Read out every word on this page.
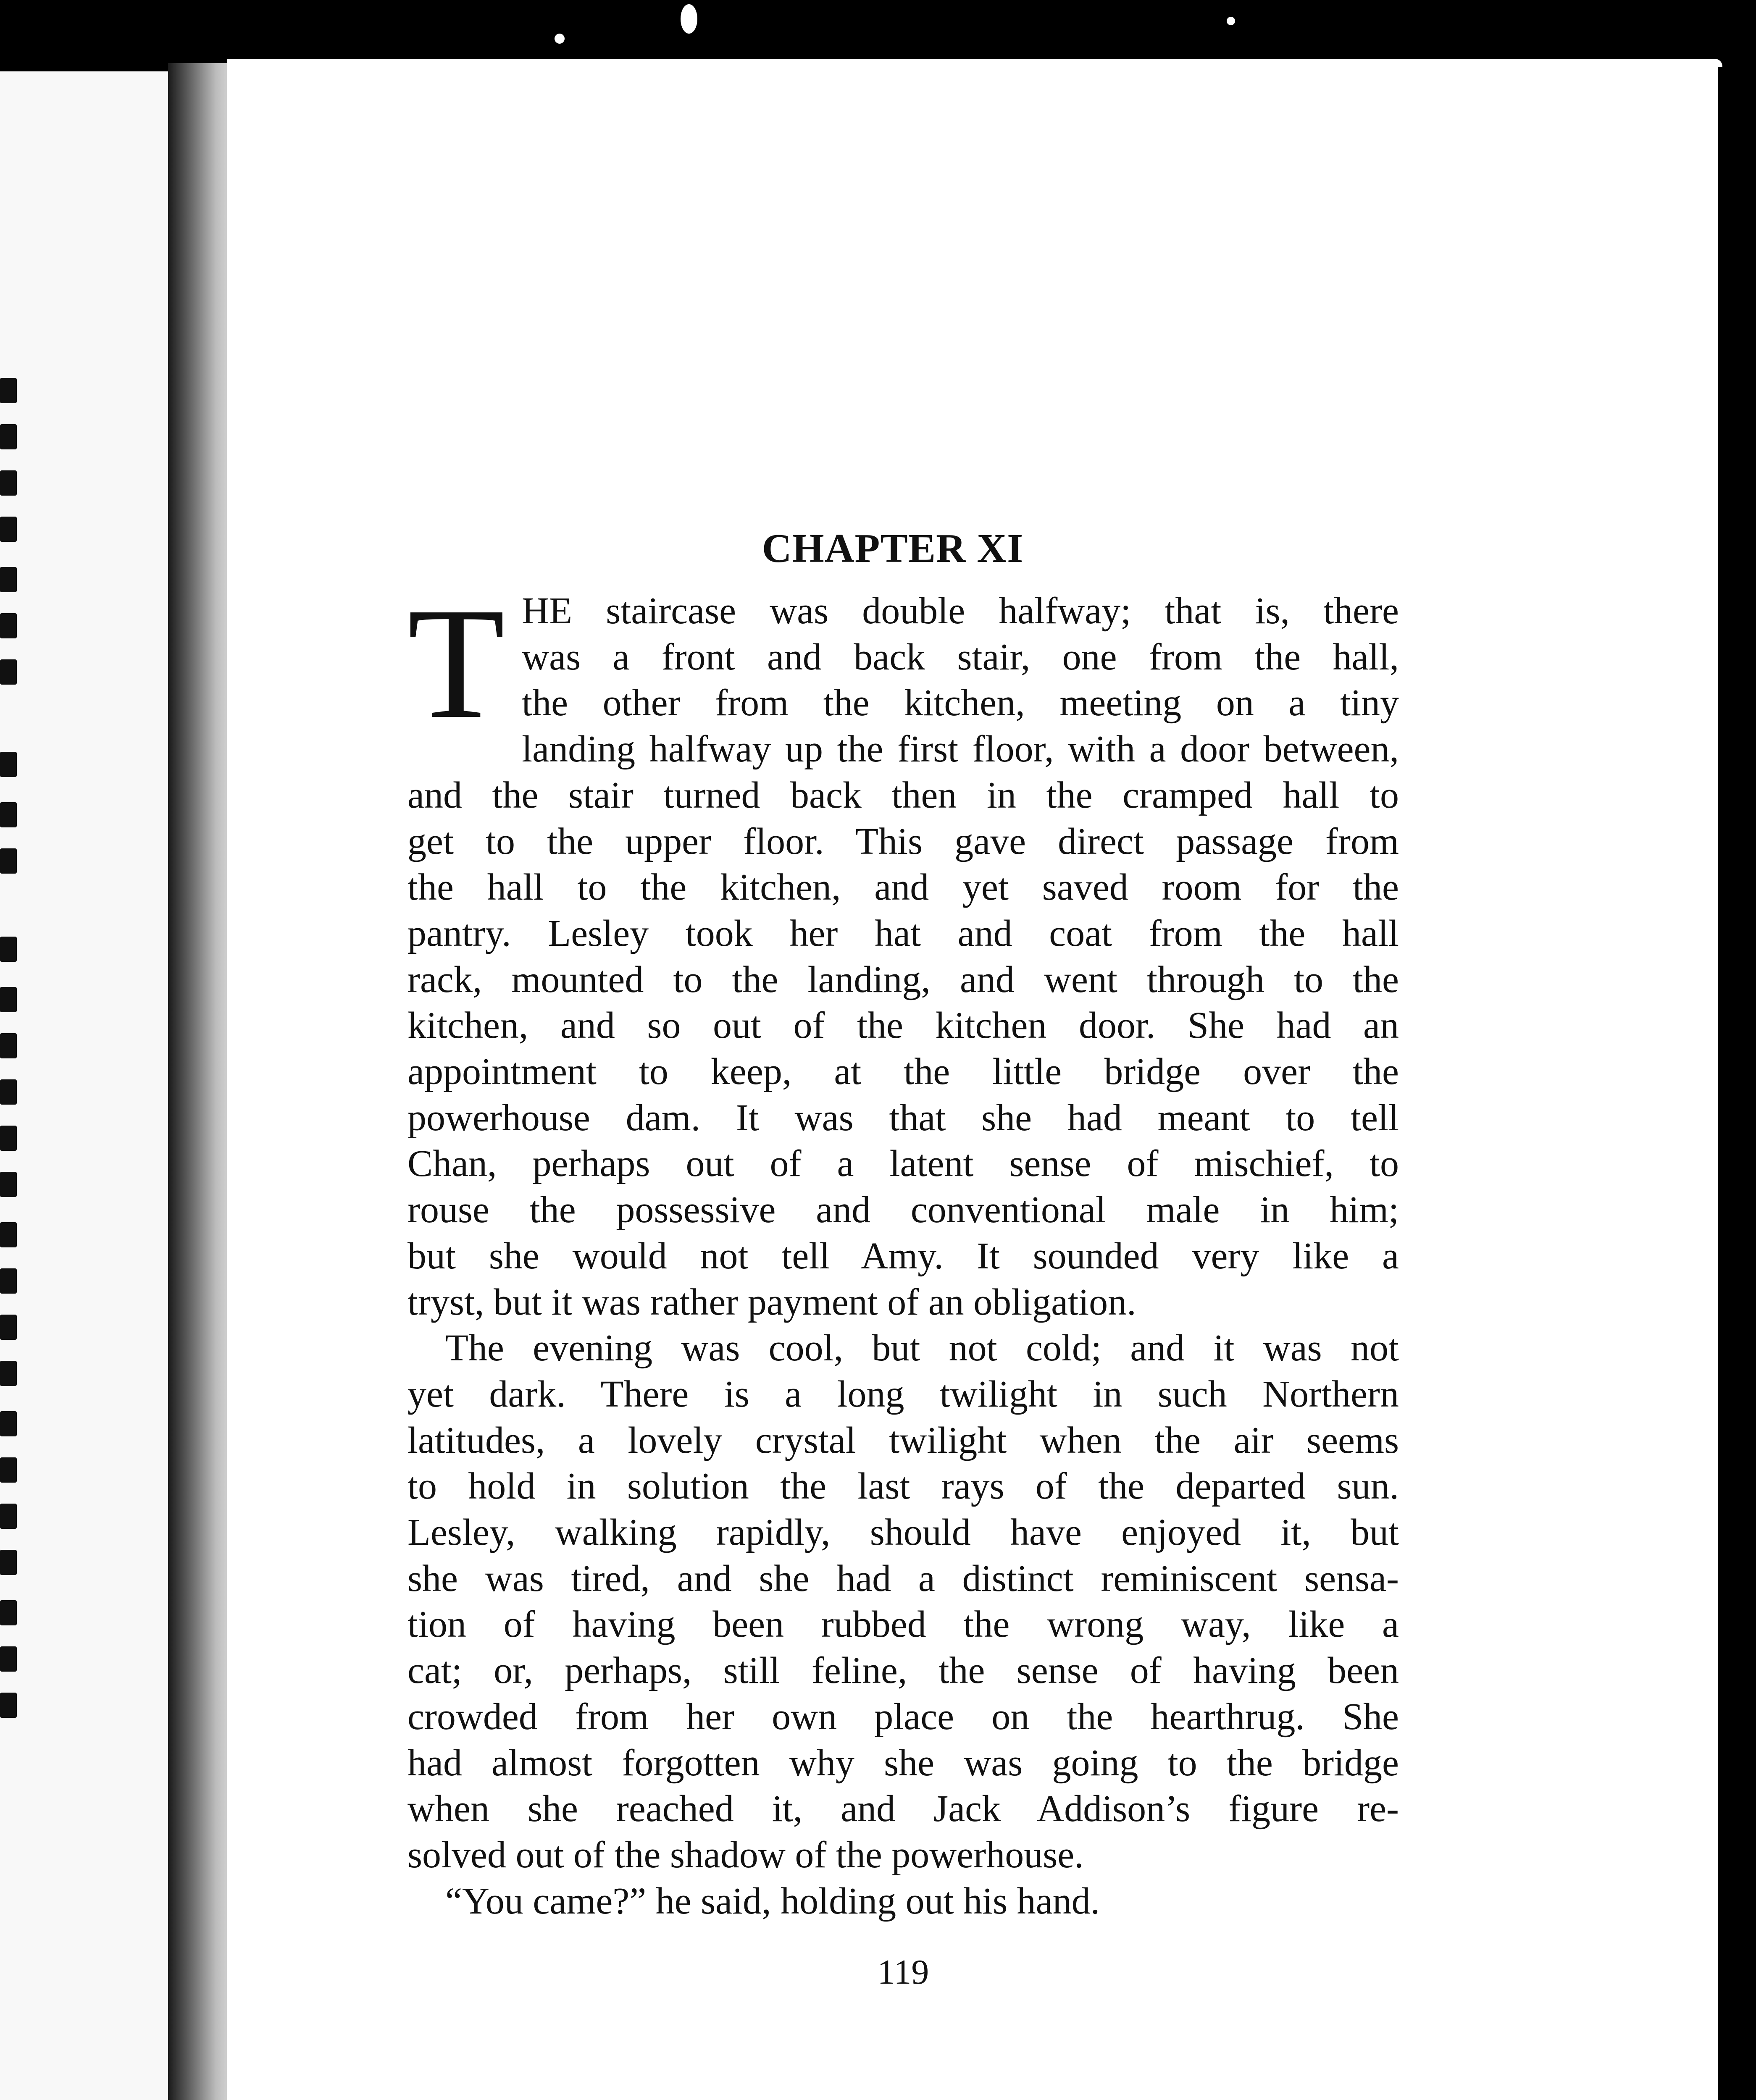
CHAPTER XI
T HE staircase was double halfway; that is, there
was a front and back stair, one from the hall,
the other from the kitchen, meeting on a tiny
landing halfway up the first floor, with a door between,
and the stair turned back then in the cramped hall to
get to the upper floor. This gave direct passage from
the hall to the kitchen, and yet saved room for the
pantry. Lesley took her hat and coat from the hall
rack, mounted to the landing, and went through to the
kitchen, and so out of the kitchen door. She had an
appointment to keep, at the little bridge over the
powerhouse dam. It was that she had meant to tell
Chan, perhaps out of a latent sense of mischief, to
rouse the possessive and conventional male in him;
but she would not tell Amy. It sounded very like a
tryst, but it was rather payment of an obligation.

The evening was cool, but not cold; and it was not
yet dark. There is a long twilight in such Northern
latitudes, a lovely crystal twilight when the air seems
to hold in solution the last rays of the departed sun.
Lesley, walking rapidly, should have enjoyed it, but
she was tired, and she had a distinct reminiscent sensa-
tion of having been rubbed the wrong way, like a
cat; or, perhaps, still feline, the sense of having been
crowded from her own place on the hearthrug. She
had almost forgotten why she was going to the bridge
when she reached it, and Jack Addison’s figure re-
solved out of the shadow of the powerhouse.

“You came?” he said, holding out his hand.

119
